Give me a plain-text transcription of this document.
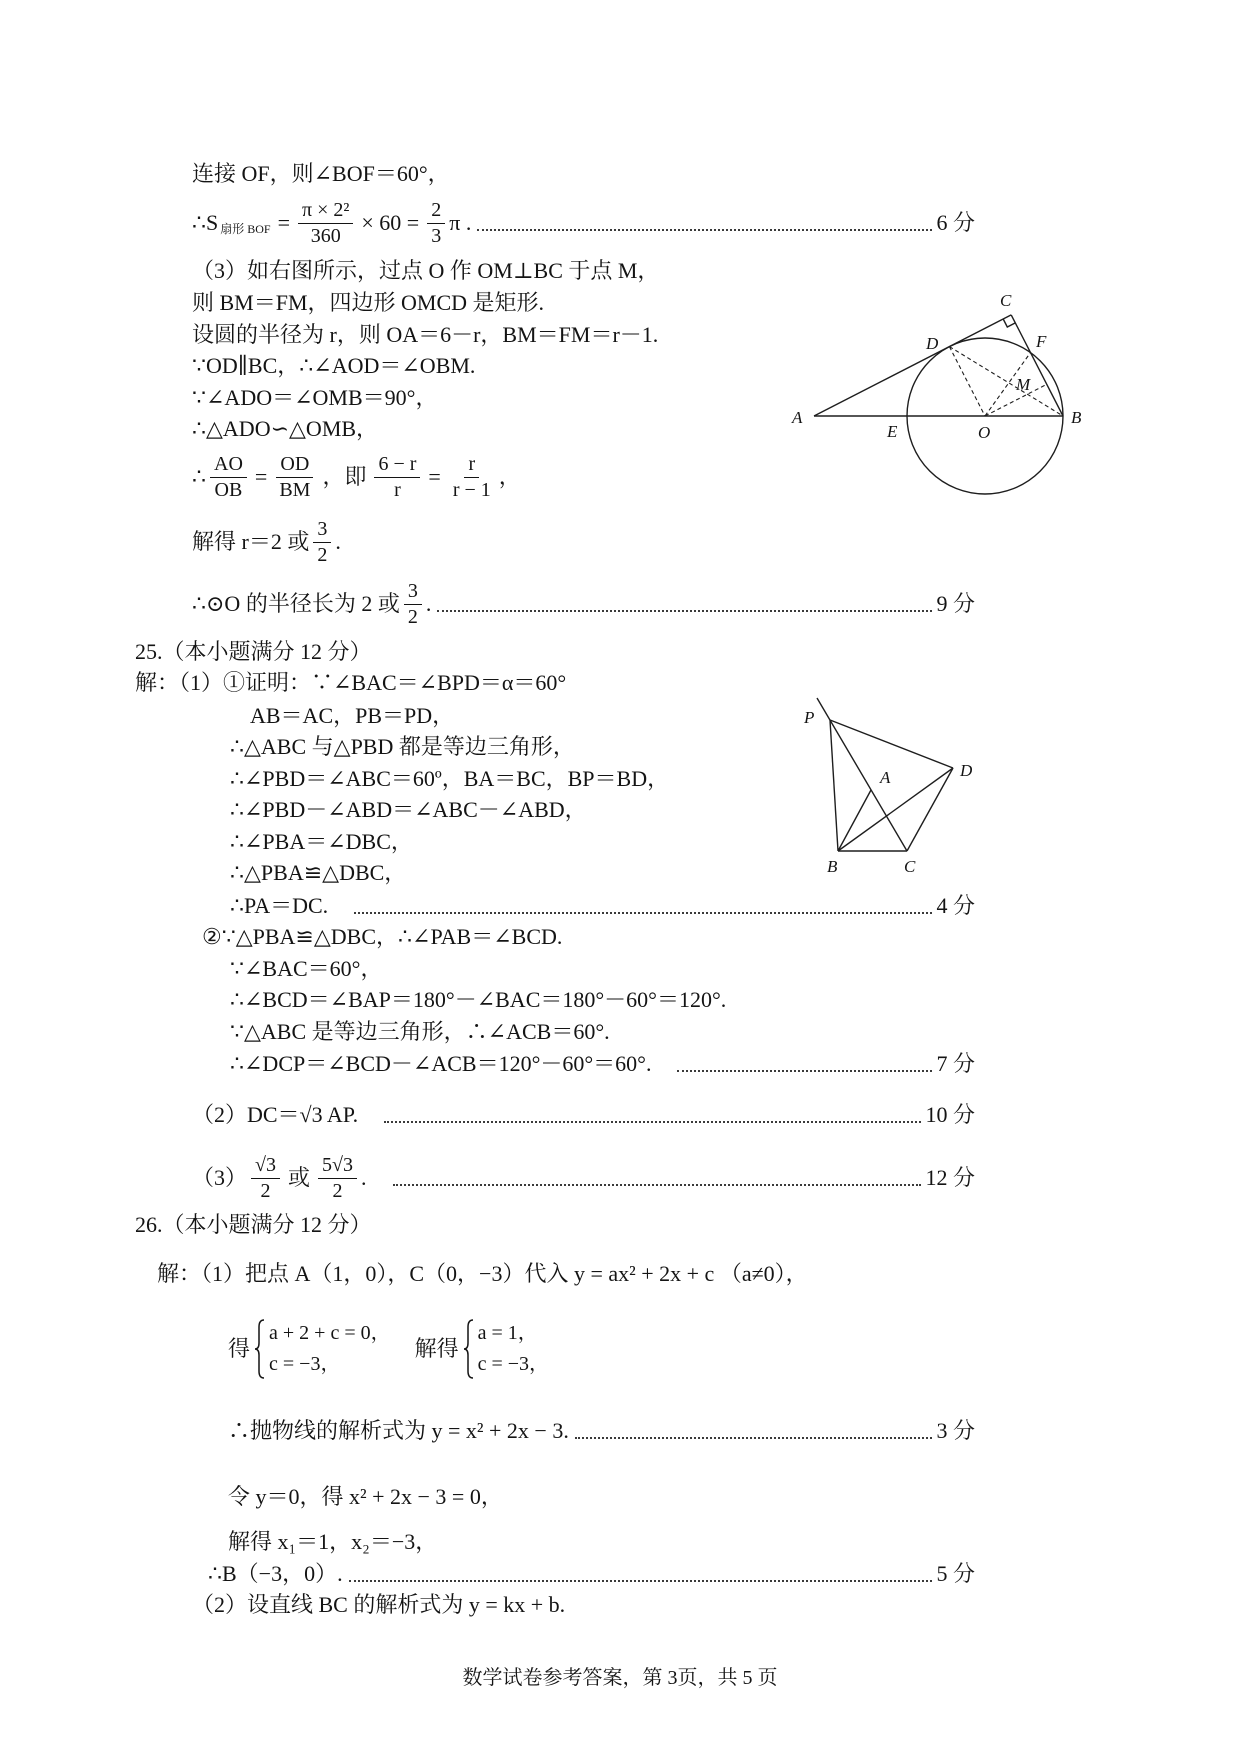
连接 OF，则∠BOF＝60°，
∴S 扇形 BOF = $\frac{\text{π × 2²}}{360} \times 60 = \frac{2}{3}$ π .	6 分
（3）如右图所示，过点 O 作 OM⊥BC 于点 M，
则 BM＝FM，四边形 OMCD 是矩形.
设圆的半径为 r，则 OA＝6－r，BM＝FM＝r－1.
∵OD∥BC，∴∠AOD＝∠OBM.
∵∠ADO＝∠OMB＝90°，
∴△ADO∽△OMB，
∴ $\frac{AO}{OB} = \frac{OD}{BM}$ ，即 $\frac{6 - r}{r} = \frac{r}{r - 1}$ ，
解得 r＝2 或 $\frac{3}{2}$ .
∴⊙O 的半径长为 2 或 $\frac{3}{2}$ .	9 分
A
E	O
B
D
C
F
M
25.（本小题满分 12 分）
解：（1）①证明：∵∠BAC＝∠BPD＝α＝60°
AB＝AC，PB＝PD，
∴△ABC 与△PBD 都是等边三角形，
∴∠PBD＝∠ABC＝60º，BA＝BC，BP＝BD，
∴∠PBD－∠ABD＝∠ABC－∠ABD，
∴∠PBA＝∠DBC，
∴△PBA≌△DBC，
∴PA＝DC.	4 分
②∵△PBA≌△DBC，∴∠PAB＝∠BCD.
∵∠BAC＝60°，
∴∠BCD＝∠BAP＝180°－∠BAC＝180°－60°＝120°.
∵△ABC 是等边三角形，∴∠ACB＝60°.
∴∠DCP＝∠BCD－∠ACB＝120°－60°＝60°.	7 分
（2）DC＝√3 AP.	10 分
$(3) \frac{√3}{2}$ 或 $\frac{5√3}{2}$ .	12 分
P
A	D
B	C
26.（本小题满分 12 分）
解：（1）把点 A（1，0），C（0，−3）代入 y = ax² + 2x + c （a≠0），
得
a + 2 + c = 0，
c = −3，
解得
a = 1，
c = −3，
∴抛物线的解析式为 y = x² + 2x − 3.	3 分
令 y＝0，得 x² + 2x − 3 = 0，
解得 x₁＝1，x₂＝−3，
∴B（−3，0）.	5 分
（2）设直线 BC 的解析式为 y = kx + b.
数学试卷参考答案，第 3页，共 5 页
